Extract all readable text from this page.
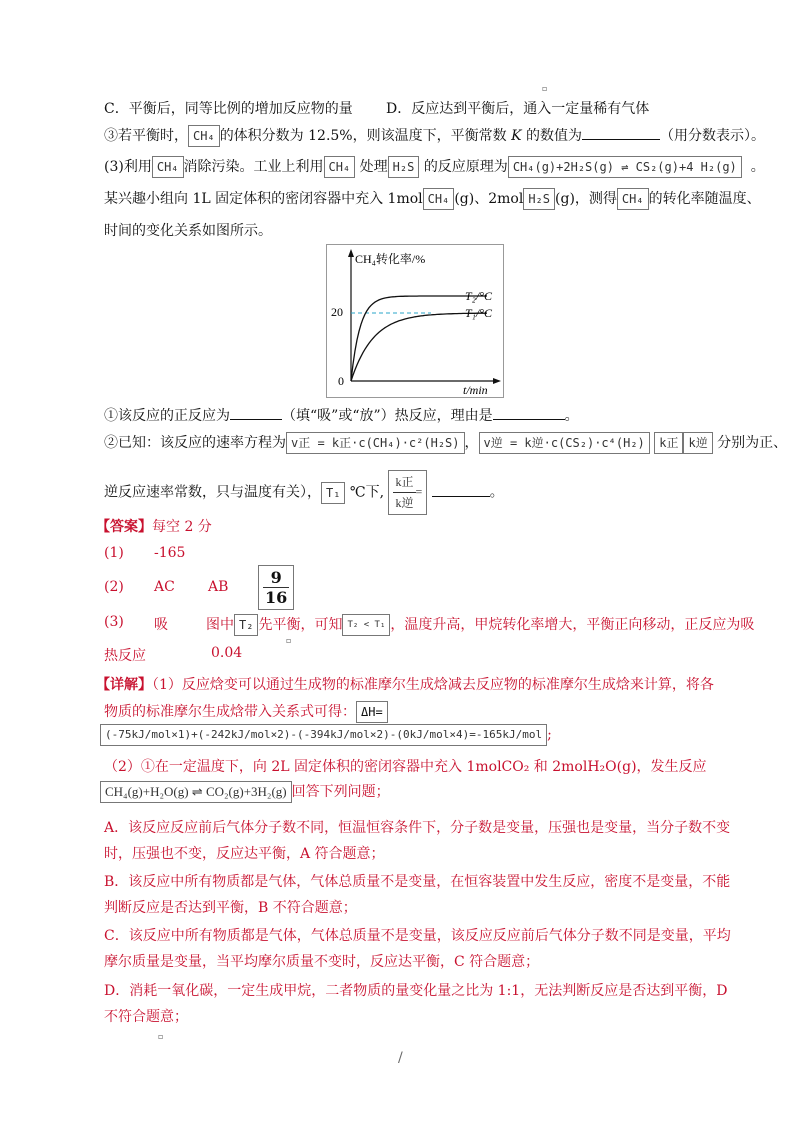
▫
C．平衡后，同等比例的增加反应物的量 D．反应达到平衡后，通入一定量稀有气体
③若平衡时， CH₄ 的体积分数为 12.5%，则该温度下，平衡常数 K 的数值为	（用分数表示）。
(3)利用 CH₄ 消除污染。工业上利用 CH₄ 处理 H₂S 的反应原理为 CH₄(g)+2H₂S(g) ⇌ CS₂(g)+4 H₂(g) 。
某兴趣小组向 1L 固定体积的密闭容器中充入 1mol CH₄ (g)、2mol H₂S (g)，测得 CH₄ 的转化率随温度、
时间的变化关系如图所示。
CH₄转化率/%
t/min
0
20
T₂/°C
T₁/°C
①该反应的正反应为	（填“吸”或“放”）热反应，理由是	。
②已知：该反应的速率方程为 v正 = k正·c(CH₄)·c²(H₂S) ， v逆 = k逆·c(CS₂)·c⁴(H₂) k正 k逆 分别为正、
逆反应速率常数，只与温度有关）， T₁ ℃下, $\frac{\text{k正}}{\text{k逆}}$ =	。
【答案】每空 2 分
(1) -165
(2) AC AB $\frac{9}{16}$
(3) 吸	图中 T₂ 先平衡，可知 T₂ < T₁ ，温度升高，甲烷转化率增大，平衡正向移动，正反应为吸
热反应	0.04
▫
【详解】（1）反应焓变可以通过生成物的标准摩尔生成焓减去反应物的标准摩尔生成焓来计算，将各
物质的标准摩尔生成焓带入关系式可得： ΔH=
(-75kJ/mol×1)+(-242kJ/mol×2)-(-394kJ/mol×2)-(0kJ/mol×4)=-165kJ/mol ;
（2）①在一定温度下，向 2L 固定体积的密闭容器中充入 1molCO₂ 和 2molH₂O(g)，发生反应
CH₄(g)+H₂O(g) ⇌ CO₂(g)+3H₂(g) 回答下列问题；
A．该反应反应前后气体分子数不同，恒温恒容条件下，分子数是变量，压强也是变量，当分子数不变
时，压强也不变，反应达平衡，A 符合题意；
B．该反应中所有物质都是气体，气体总质量不是变量，在恒容装置中发生反应，密度不是变量，不能
判断反应是否达到平衡，B 不符合题意；
C．该反应中所有物质都是气体，气体总质量不是变量，该反应反应前后气体分子数不同是变量，平均
摩尔质量是变量，当平均摩尔质量不变时，反应达平衡，C 符合题意；
D．消耗一氧化碳，一定生成甲烷，二者物质的量变化量之比为 1:1，无法判断反应是否达到平衡，D
不符合题意；
▫
/
